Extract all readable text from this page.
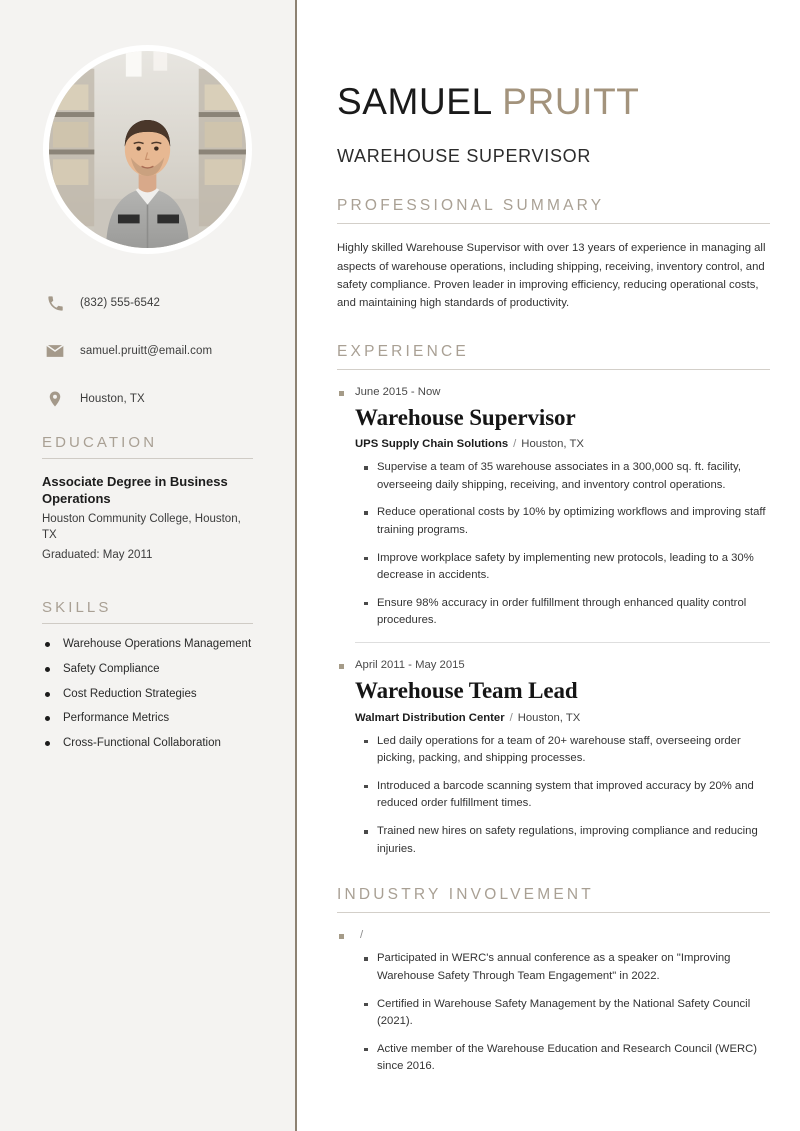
(832) 555-6542
samuel.pruitt@email.com
Houston, TX
EDUCATION
Associate Degree in Business Operations
Houston Community College, Houston, TX
Graduated: May 2011
SKILLS
Warehouse Operations Management
Safety Compliance
Cost Reduction Strategies
Performance Metrics
Cross-Functional Collaboration
SAMUEL PRUITT
WAREHOUSE SUPERVISOR
PROFESSIONAL SUMMARY

Highly skilled Warehouse Supervisor with over 13 years of experience in managing all aspects of warehouse operations, including shipping, receiving, inventory control, and safety compliance. Proven leader in improving efficiency, reducing operational costs, and maintaining high standards of productivity.

EXPERIENCE
June 2015 - Now
Warehouse Supervisor
UPS Supply Chain Solutions / Houston, TX
Supervise a team of 35 warehouse associates in a 300,000 sq. ft. facility, overseeing daily shipping, receiving, and inventory control operations.
Reduce operational costs by 10% by optimizing workflows and improving staff training programs.
Improve workplace safety by implementing new protocols, leading to a 30% decrease in accidents.
Ensure 98% accuracy in order fulfillment through enhanced quality control procedures.
April 2011 - May 2015
Warehouse Team Lead
Walmart Distribution Center / Houston, TX
Led daily operations for a team of 20+ warehouse staff, overseeing order picking, packing, and shipping processes.
Introduced a barcode scanning system that improved accuracy by 20% and reduced order fulfillment times.
Trained new hires on safety regulations, improving compliance and reducing injuries.
INDUSTRY INVOLVEMENT
/
Participated in WERC's annual conference as a speaker on "Improving Warehouse Safety Through Team Engagement" in 2022.
Certified in Warehouse Safety Management by the National Safety Council (2021).
Active member of the Warehouse Education and Research Council (WERC) since 2016.
